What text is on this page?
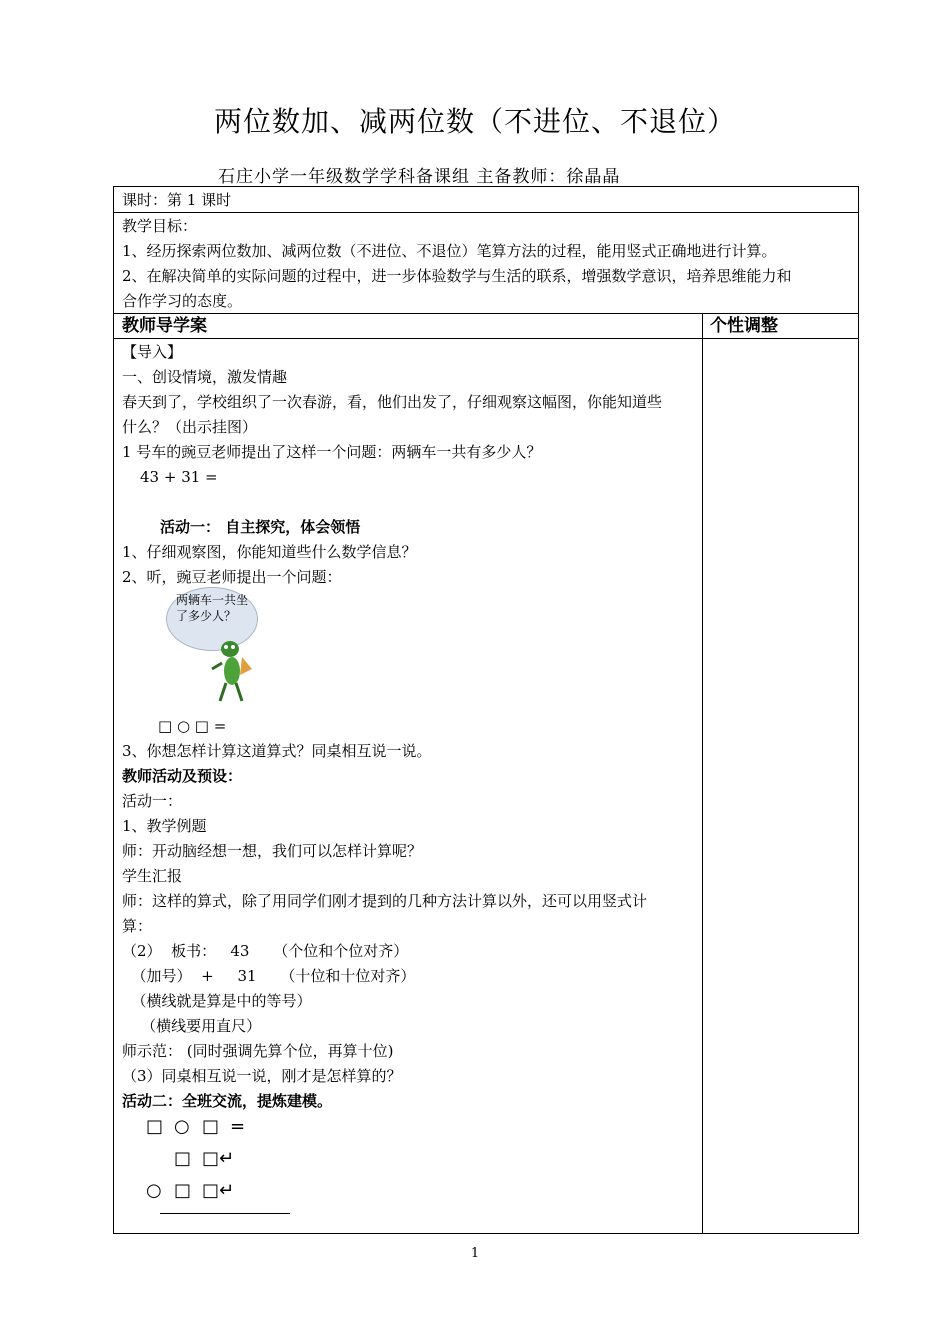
两位数加、减两位数（不进位、不退位）
石庄小学一年级数学学科备课组 主备教师：徐晶晶
课时：第 1 课时
教学目标：
1、经历探索两位数加、减两位数（不进位、不退位）笔算方法的过程，能用竖式正确地进行计算。
2、在解决简单的实际问题的过程中，进一步体验数学与生活的联系，增强数学意识，培养思维能力和
合作学习的态度。
教师导学案	个性调整
【导入】
一、创设情境，激发情趣
春天到了，学校组织了一次春游，看，他们出发了，仔细观察这幅图，你能知道些
什么？（出示挂图）
1 号车的豌豆老师提出了这样一个问题：两辆车一共有多少人？
43 + 31 =
活动一： 自主探究，体会领悟
1、仔细观察图，你能知道些什么数学信息？
2、听，豌豆老师提出一个问题：
两辆车一共坐了多少人？
□ ○ □ =
3、你想怎样计算这道算式？同桌相互说一说。
教师活动及预设：
活动一：
1、教学例题
师：开动脑经想一想，我们可以怎样计算呢？
学生汇报
师：这样的算式，除了用同学们刚才提到的几种方法计算以外，还可以用竖式计
算：
（2）  板书：   43     （个位和个位对齐）
（加号）  +     31     （十位和十位对齐）
（横线就是算是中的等号）
（横线要用直尺）
师示范： (同时强调先算个位，再算十位)
（3）同桌相互说一说，刚才是怎样算的？
活动二：全班交流，提炼建模。
□ ○ □ =
□ □↵
○ □ □↵
1
